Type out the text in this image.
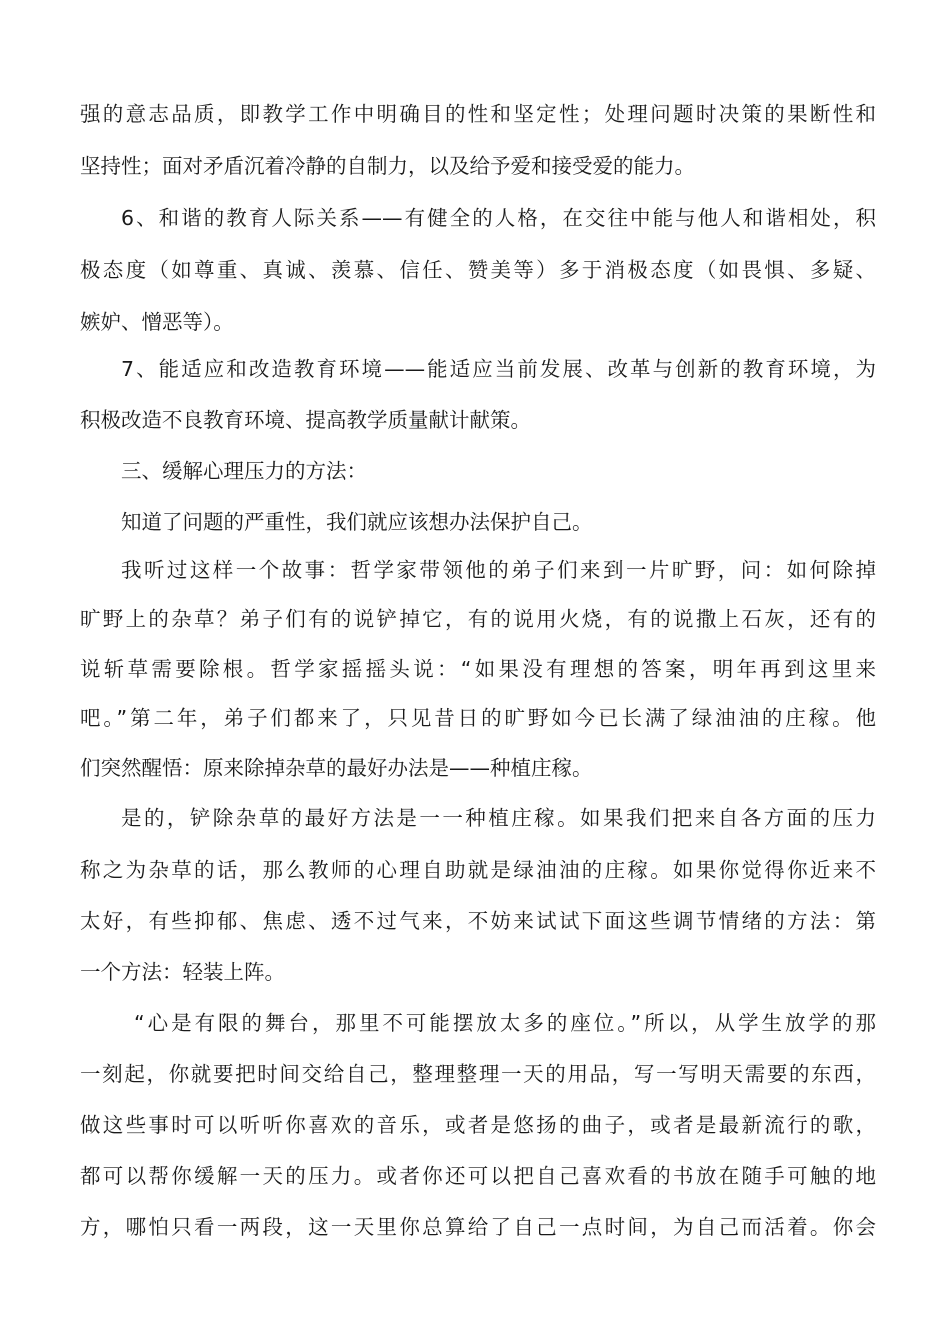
强的意志品质，即教学工作中明确目的性和坚定性；处理问题时决策的果断性和
坚持性；面对矛盾沉着冷静的自制力，以及给予爱和接受爱的能力。
6、和谐的教育人际关系——有健全的人格，在交往中能与他人和谐相处，积
极态度（如尊重、真诚、羡慕、信任、赞美等）多于消极态度（如畏惧、多疑、
嫉妒、憎恶等）。
7、能适应和改造教育环境——能适应当前发展、改革与创新的教育环境，为
积极改造不良教育环境、提高教学质量献计献策。
三、缓解心理压力的方法：
知道了问题的严重性，我们就应该想办法保护自己。
我听过这样一个故事：哲学家带领他的弟子们来到一片旷野，问：如何除掉
旷野上的杂草？弟子们有的说铲掉它，有的说用火烧，有的说撒上石灰，还有的
说斩草需要除根。哲学家摇摇头说：“如果没有理想的答案，明年再到这里来
吧。”第二年，弟子们都来了，只见昔日的旷野如今已长满了绿油油的庄稼。他
们突然醒悟：原来除掉杂草的最好办法是——种植庄稼。
是的，铲除杂草的最好方法是一一种植庄稼。如果我们把来自各方面的压力
称之为杂草的话，那么教师的心理自助就是绿油油的庄稼。如果你觉得你近来不
太好，有些抑郁、焦虑、透不过气来，不妨来试试下面这些调节情绪的方法：第
一个方法：轻装上阵。
“心是有限的舞台，那里不可能摆放太多的座位。”所以，从学生放学的那
一刻起，你就要把时间交给自己，整理整理一天的用品，写一写明天需要的东西，
做这些事时可以听听你喜欢的音乐，或者是悠扬的曲子，或者是最新流行的歌，
都可以帮你缓解一天的压力。或者你还可以把自己喜欢看的书放在随手可触的地
方，哪怕只看一两段，这一天里你总算给了自己一点时间，为自己而活着。你会
